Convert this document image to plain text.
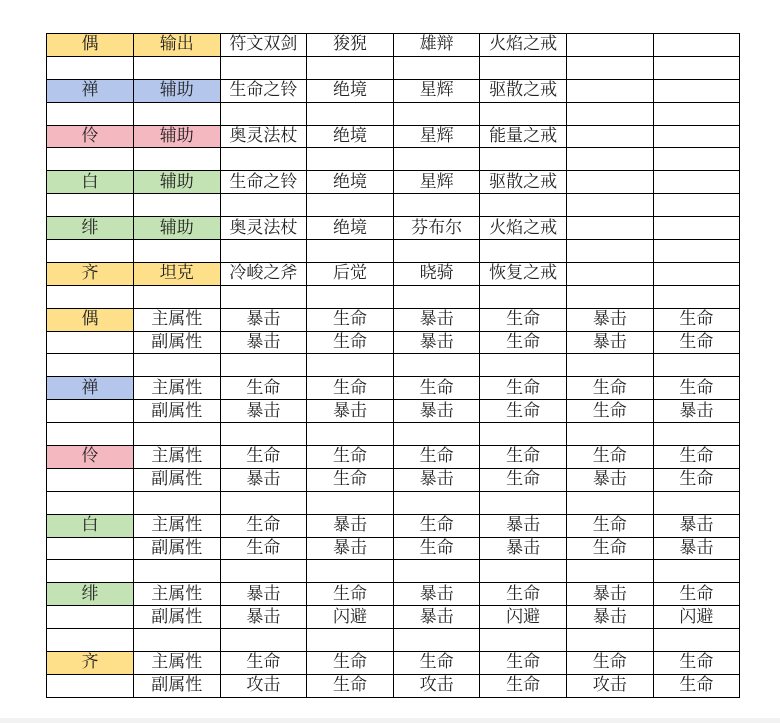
偶	输出	符文双剑	狻猊	雄辩	火焰之戒		

禅	辅助	生命之铃	绝境	星辉	驱散之戒		

伶	辅助	奥灵法杖	绝境	星辉	能量之戒		

白	辅助	生命之铃	绝境	星辉	驱散之戒		

绯	辅助	奥灵法杖	绝境	芬布尔	火焰之戒		

齐	坦克	冷峻之斧	后觉	晓骑	恢复之戒		

偶	主属性	暴击	生命	暴击	生命	暴击	生命
	副属性	暴击	生命	暴击	生命	暴击	生命

禅	主属性	生命	生命	生命	生命	生命	生命
	副属性	暴击	暴击	暴击	生命	生命	暴击

伶	主属性	生命	生命	生命	生命	生命	生命
	副属性	暴击	生命	暴击	生命	暴击	生命

白	主属性	生命	暴击	生命	暴击	生命	暴击
	副属性	生命	暴击	生命	暴击	生命	暴击

绯	主属性	暴击	生命	暴击	生命	暴击	生命
	副属性	暴击	闪避	暴击	闪避	暴击	闪避

齐	主属性	生命	生命	生命	生命	生命	生命
	副属性	攻击	生命	攻击	生命	攻击	生命
